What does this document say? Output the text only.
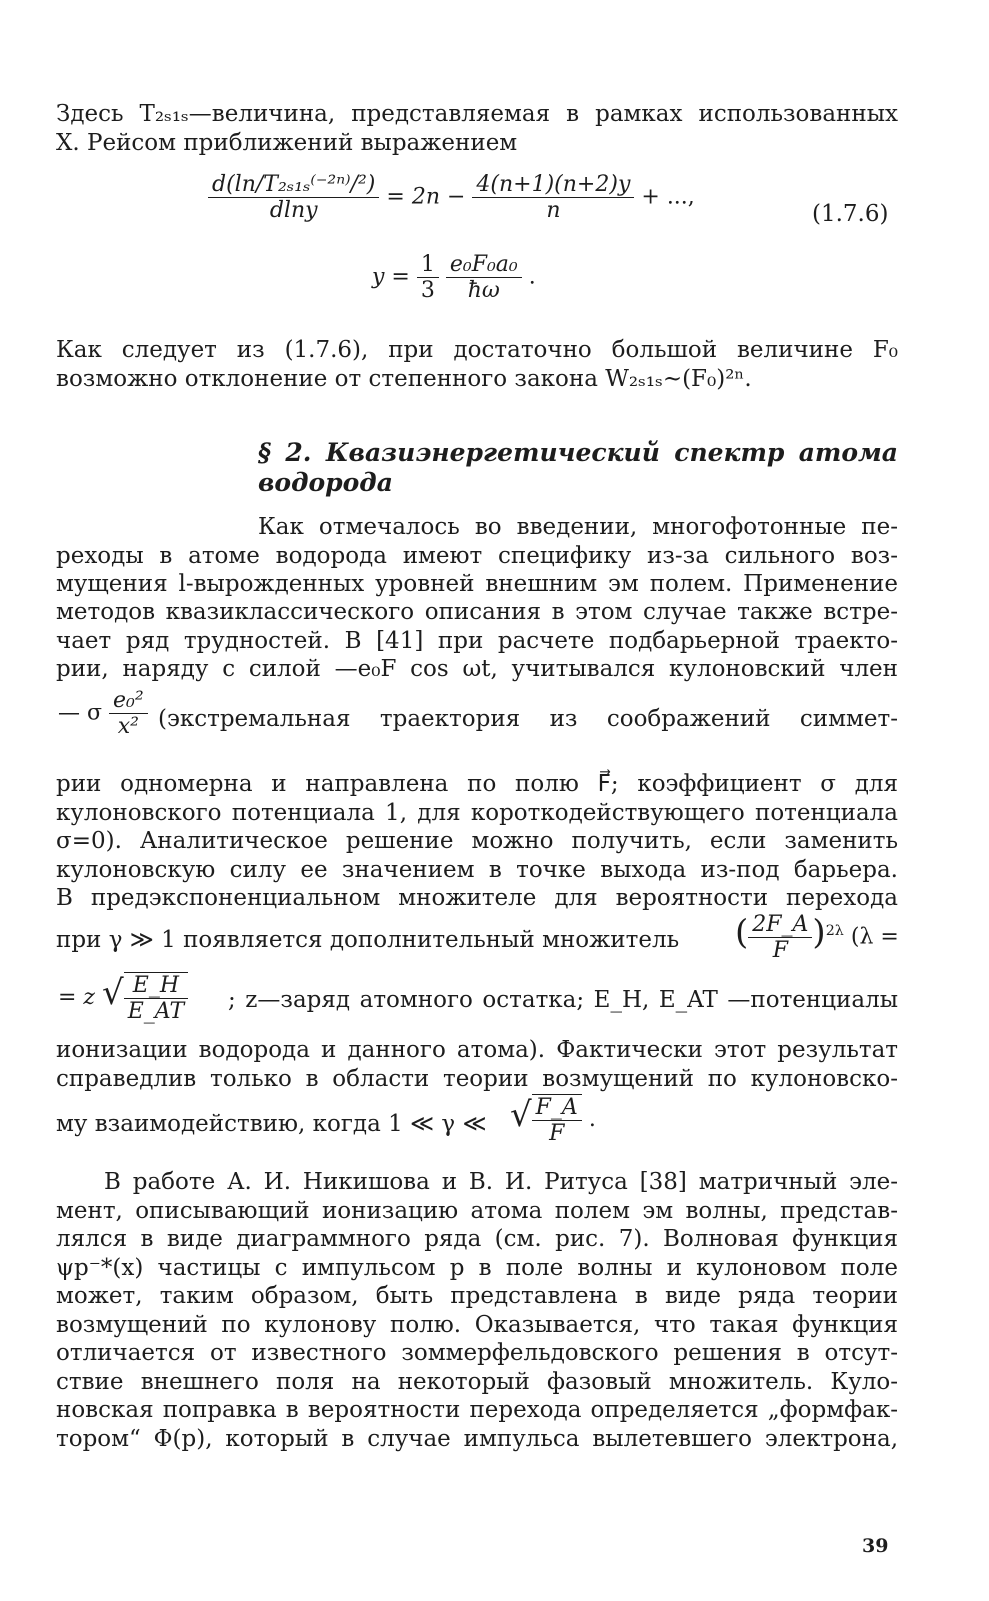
Здесь T₂ₛ₁ₛ—величина, представляемая в рамках использованных
Х. Рейсом приближений выражением
$\frac{\text{d(ln/T₂ₛ₁ₛ⁽⁻²ⁿ⁾/²)}}{dlny} = 2n - \frac{4(n+1)(n+2)y}{n}$ + ...,
(1.7.6)
$y = \frac{1}{3}$
$\frac{\text{e₀F₀a₀}}{ħ\omega}$ .
Как следует из (1.7.6), при достаточно большой величине F₀
возможно отклонение от степенного закона W₂ₛ₁ₛ~(F₀)²ⁿ.
§ 2. Квазиэнергетический спектр атома
водорода
Как отмечалось во введении, многофотонные пе-
реходы в атоме водорода имеют специфику из-за сильного воз-
мущения l-вырожденных уровней внешним эм полем. Применение
методов квазиклассического описания в этом случае также встре-
чает ряд трудностей. В [41] при расчете подбарьерной траекто-
рии, наряду с силой —e₀F cos ωt, учитывался кулоновский член
— σ $\frac{\text{e₀²}}{\text{x²}}$ (экстремальная траектория из соображений симмет-
рии одномерна и направлена по полю F⃗; коэффициент σ для
кулоновского потенциала 1, для короткодействующего потенциала
σ=0). Аналитическое решение можно получить, если заменить
кулоновскую силу ее значением в точке выхода из-под барьера.
В предэкспоненциальном множителе для вероятности перехода
при γ ≫ 1 появляется дополнительный множитель	( $\frac{2F\_A}{F} )^{2\lambda}$ (λ =
= z √ $\frac{E\_H}{E\_AT}$ ; z—заряд атомного остатка; E_H, E_AT —потенциалы
ионизации водорода и данного атома). Фактически этот результат
справедлив только в области теории возмущений по кулоновско-
му взаимодействию, когда 1 ≪ γ ≪ √ $\frac{F\_A}{F}$ .
В работе А. И. Никишова и В. И. Ритуса [38] матричный эле-
мент, описывающий ионизацию атома полем эм волны, представ-
лялся в виде диаграммного ряда (см. рис. 7). Волновая функция
ψp⁻*(x) частицы с импульсом p в поле волны и кулоновом поле
может, таким образом, быть представлена в виде ряда теории
возмущений по кулонову полю. Оказывается, что такая функция
отличается от известного зоммерфельдовского решения в отсут-
ствие внешнего поля на некоторый фазовый множитель. Куло-
новская поправка в вероятности перехода определяется „формфак-
тором“ Φ(p), который в случае импульса вылетевшего электрона,
39
